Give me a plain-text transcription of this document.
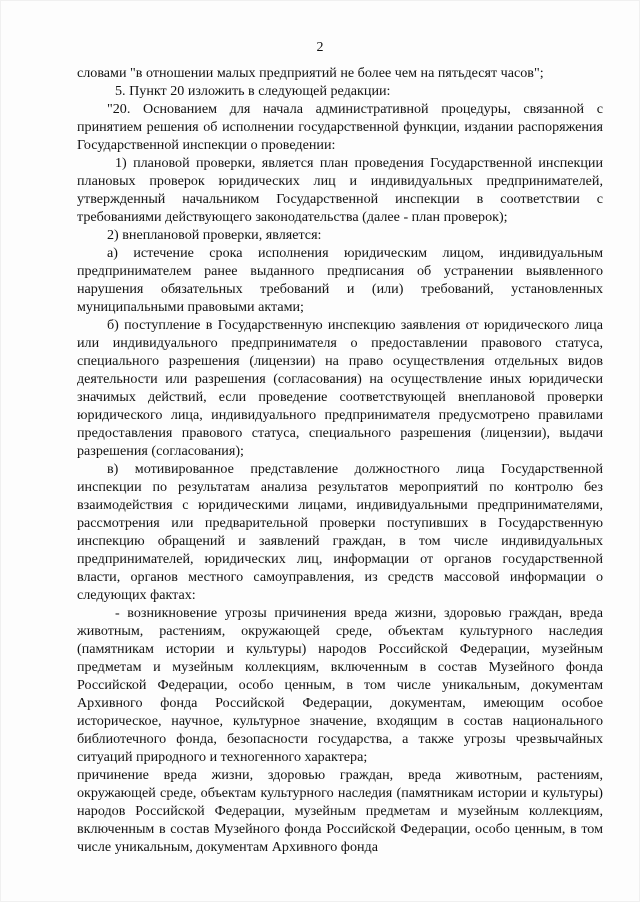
2

словами "в отношении малых предприятий не более чем на пятьдесят часов";

5. Пункт 20 изложить в следующей редакции:

"20. Основанием для начала административной процедуры, связанной с принятием решения об исполнении государственной функции, издании распоряжения Государственной инспекции о проведении:

1) плановой проверки, является план проведения Государственной инспекции плановых проверок юридических лиц и индивидуальных предпринимателей, утвержденный начальником Государственной инспекции в соответствии с требованиями действующего законодательства (далее - план проверок);

2) внеплановой проверки, является:

а) истечение срока исполнения юридическим лицом, индивидуальным предпринимателем ранее выданного предписания об устранении выявленного нарушения обязательных требований и (или) требований, установленных муниципальными правовыми актами;

б) поступление в Государственную инспекцию заявления от юридического лица или индивидуального предпринимателя о предоставлении правового статуса, специального разрешения (лицензии) на право осуществления отдельных видов деятельности или разрешения (согласования) на осуществление иных юридически значимых действий, если проведение соответствующей внеплановой проверки юридического лица, индивидуального предпринимателя предусмотрено правилами предоставления правового статуса, специального разрешения (лицензии), выдачи разрешения (согласования);

в) мотивированное представление должностного лица Государственной инспекции по результатам анализа результатов мероприятий по контролю без взаимодействия с юридическими лицами, индивидуальными предпринимателями, рассмотрения или предварительной проверки поступивших в Государственную инспекцию обращений и заявлений граждан, в том числе индивидуальных предпринимателей, юридических лиц, информации от органов государственной власти, органов местного самоуправления, из средств массовой информации о следующих фактах:

- возникновение угрозы причинения вреда жизни, здоровью граждан, вреда животным, растениям, окружающей среде, объектам культурного наследия (памятникам истории и культуры) народов Российской Федерации, музейным предметам и музейным коллекциям, включенным в состав Музейного фонда Российской Федерации, особо ценным, в том числе уникальным, документам Архивного фонда Российской Федерации, документам, имеющим особое историческое, научное, культурное значение, входящим в состав национального библиотечного фонда, безопасности государства, а также угрозы чрезвычайных ситуаций природного и техногенного характера;

причинение вреда жизни, здоровью граждан, вреда животным, растениям, окружающей среде, объектам культурного наследия (памятникам истории и культуры) народов Российской Федерации, музейным предметам и музейным коллекциям, включенным в состав Музейного фонда Российской Федерации, особо ценным, в том числе уникальным, документам Архивного фонда
